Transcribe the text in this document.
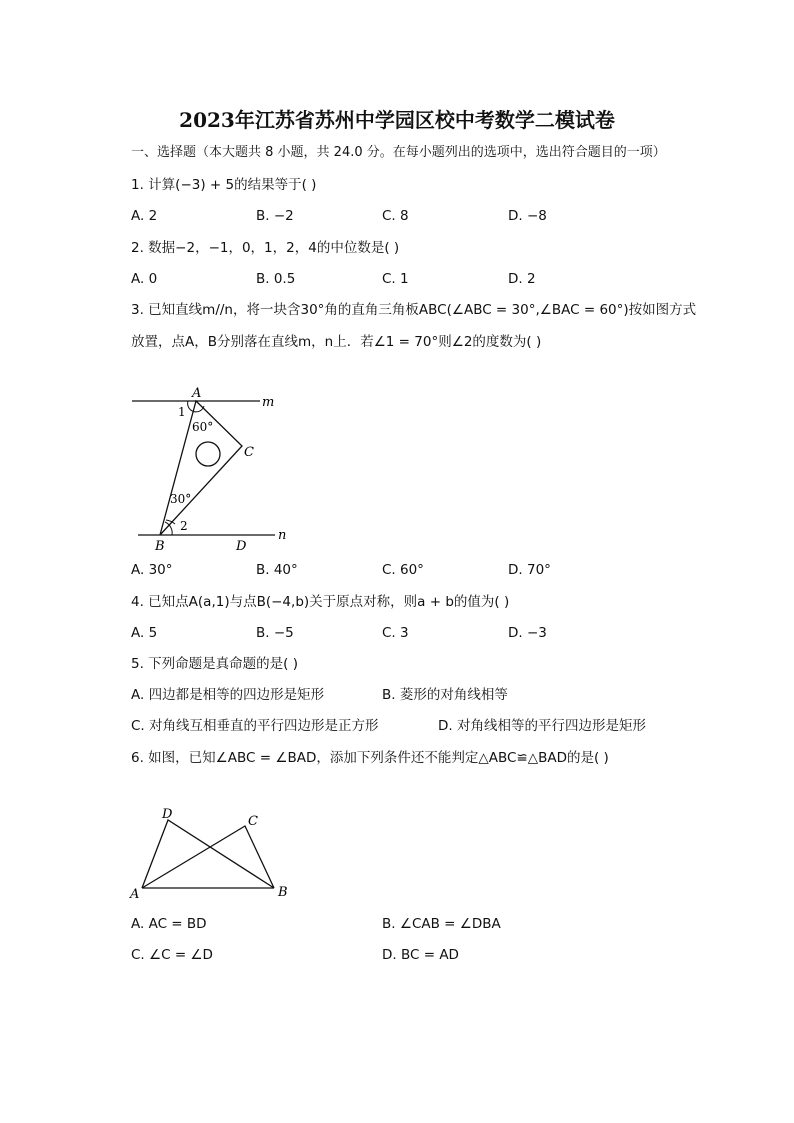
2023年江苏省苏州中学园区校中考数学二模试卷
一、选择题（本大题共 8 小题，共 24.0 分。在每小题列出的选项中，选出符合题目的一项）
1. 计算(−3) + 5的结果等于( )
A. 2	B. −2	C. 8	D. −8
2. 数据−2，−1，0，1，2，4的中位数是( )
A. 0	B. 0.5	C. 1	D. 2
3. 已知直线m//n，将一块含30°角的直角三角板ABC(∠ABC = 30°,∠BAC = 60°)按如图方式
放置，点A，B分别落在直线m，n上．若∠1 = 70°则∠2的度数为( )
A
m
1
60°
C
30°
2
n
B	D
A. 30°	B. 40°	C. 60°	D. 70°
4. 已知点A(a,1)与点B(−4,b)关于原点对称，则a + b的值为( )
A. 5	B. −5	C. 3	D. −3
5. 下列命题是真命题的是( )
A. 四边都是相等的四边形是矩形	B. 菱形的对角线相等
C. 对角线互相垂直的平行四边形是正方形	D. 对角线相等的平行四边形是矩形
6. 如图，已知∠ABC = ∠BAD，添加下列条件还不能判定△ABC≌△BAD的是( )
D	C
A	B
A. AC = BD	B. ∠CAB = ∠DBA
C. ∠C = ∠D	D. BC = AD
